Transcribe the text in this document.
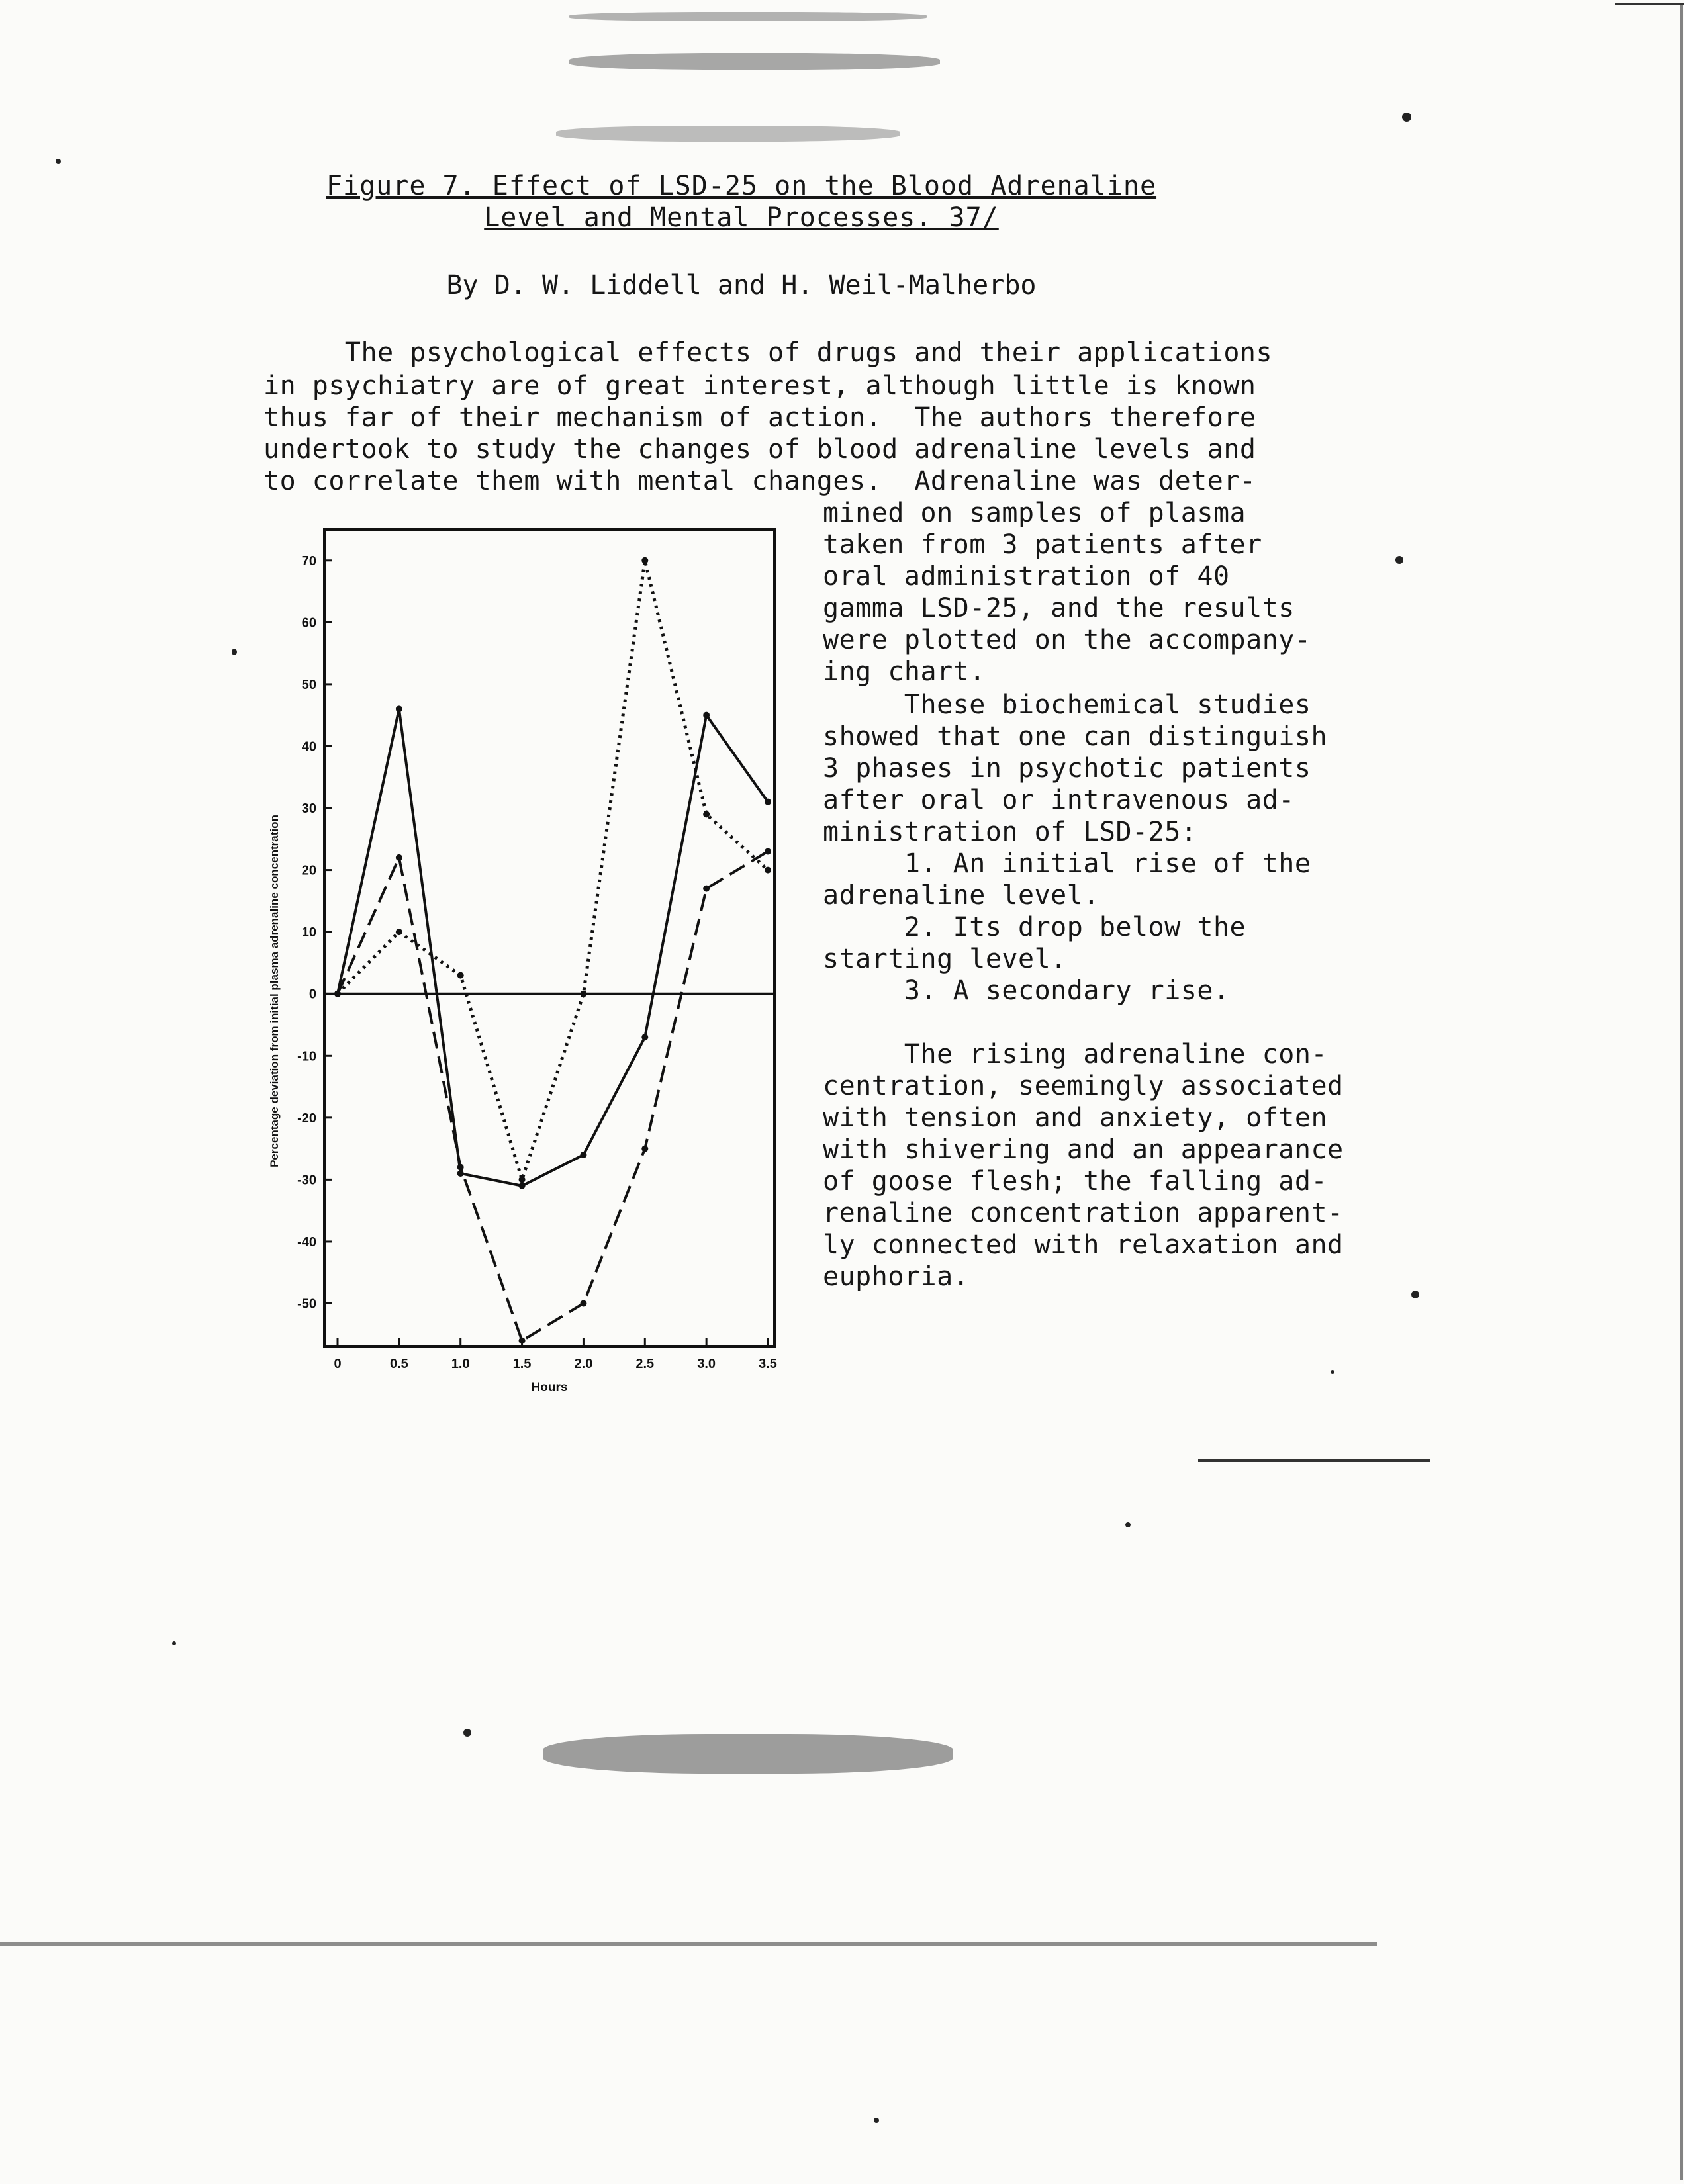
Figure 7. Effect of LSD-25 on the Blood Adrenaline
Level and Mental Processes. 37/
By D. W. Liddell and H. Weil-Malherbo
The psychological effects of drugs and their applications
in psychiatry are of great interest, although little is known
thus far of their mechanism of action.  The authors therefore
undertook to study the changes of blood adrenaline levels and
to correlate them with mental changes.  Adrenaline was deter-
mined on samples of plasma
taken from 3 patients after
oral administration of 40
gamma LSD-25, and the results
were plotted on the accompany-
ing chart.
These biochemical studies
showed that one can distinguish
3 phases in psychotic patients
after oral or intravenous ad-
ministration of LSD-25:
1. An initial rise of the
adrenaline level.
2. Its drop below the
starting level.
3. A secondary rise.
The rising adrenaline con-
centration, seemingly associated
with tension and anxiety, often
with shivering and an appearance
of goose flesh; the falling ad-
renaline concentration apparent-
ly connected with relaxation and
euphoria.
70
60
50
40
30
20
10
0
-10
-20
-30
-40
-50
0	0.5	1.0	1.5	2.0	2.5	3.0	3.5
Percentage deviation from initial plasma adrenaline concentration
Hours
